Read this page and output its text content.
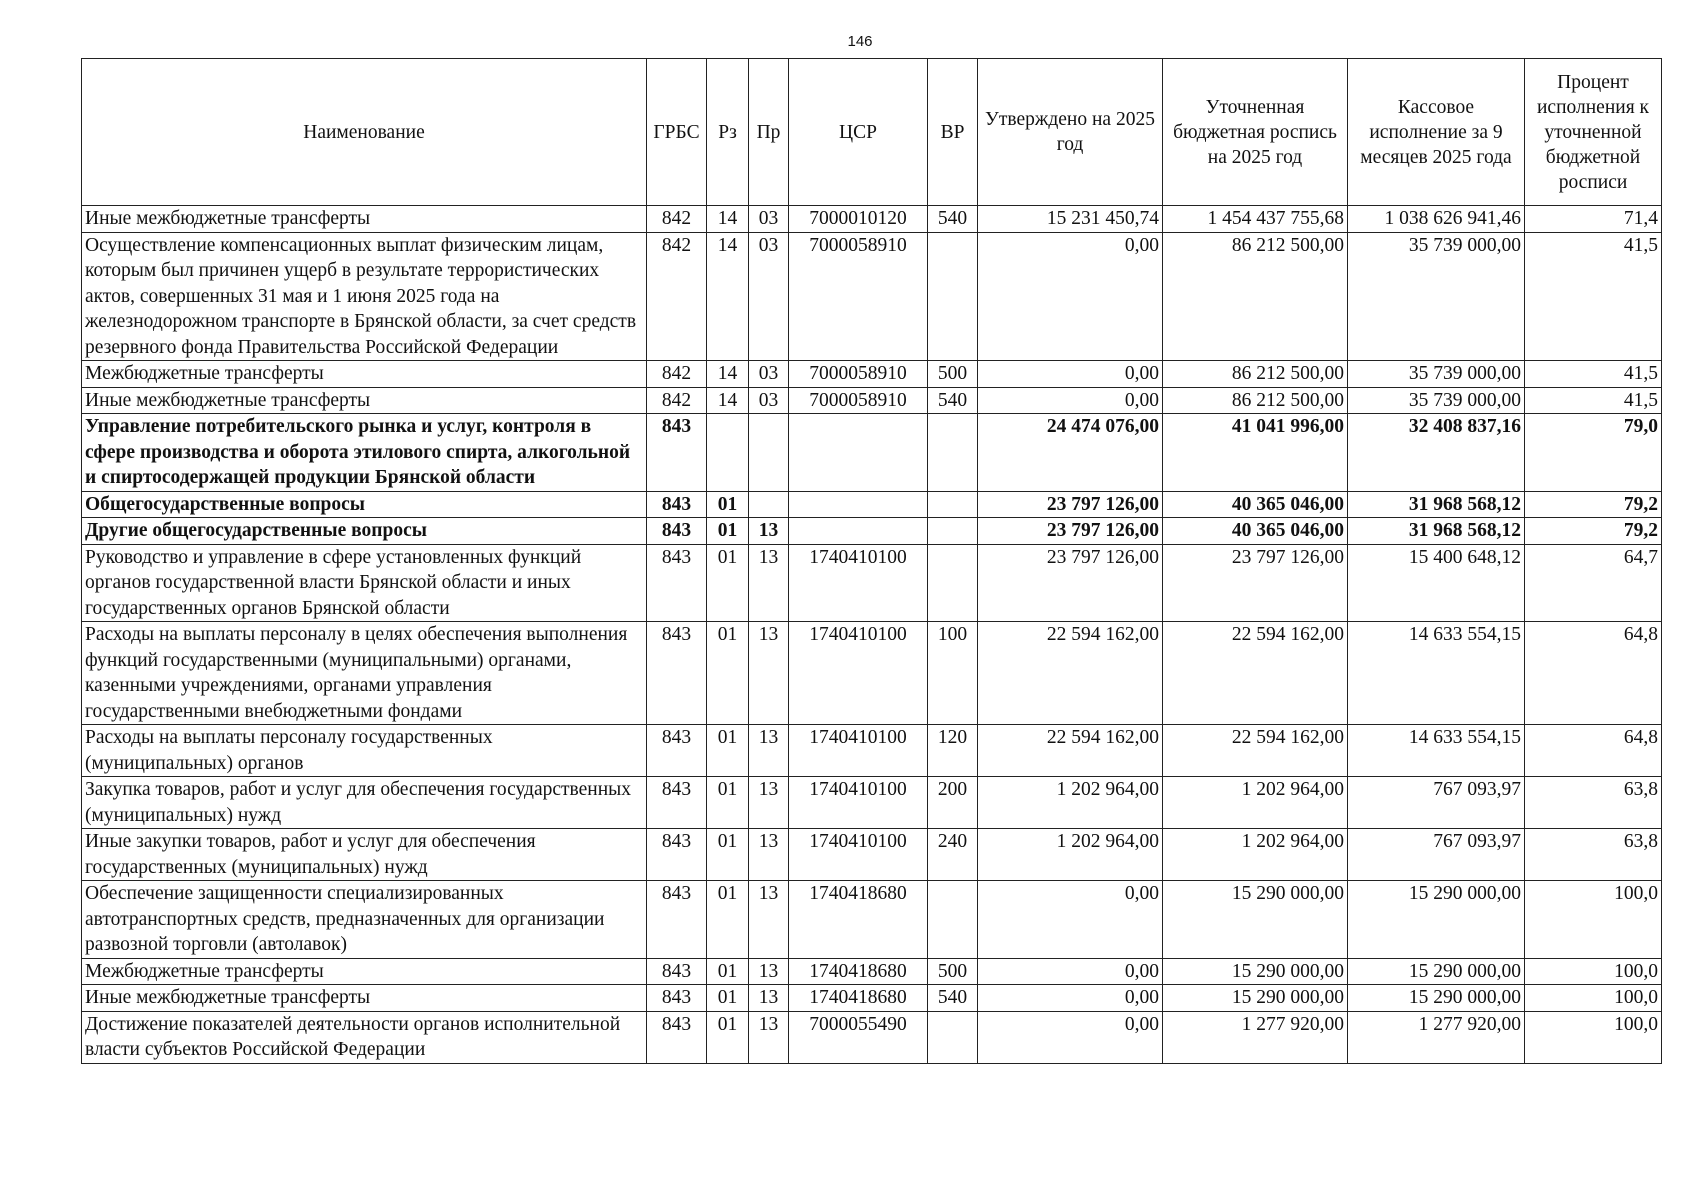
146
Наименование	ГРБС	Рз	Пр	ЦСР	ВР	Утверждено на 2025 год	Уточненная бюджетная роспись на 2025 год	Кассовое исполнение за 9 месяцев 2025 года	Процент исполнения к уточненной бюджетной росписи
Иные межбюджетные трансферты	842	14	03	7000010120	540	15 231 450,74	1 454 437 755,68	1 038 626 941,46	71,4
Осуществление компенсационных выплат физическим лицам, которым был причинен ущерб в результате террористических актов, совершенных 31 мая и 1 июня 2025 года на железнодорожном транспорте в Брянской области, за счет средств резервного фонда Правительства Российской Федерации	842	14	03	7000058910		0,00	86 212 500,00	35 739 000,00	41,5
Межбюджетные трансферты	842	14	03	7000058910	500	0,00	86 212 500,00	35 739 000,00	41,5
Иные межбюджетные трансферты	842	14	03	7000058910	540	0,00	86 212 500,00	35 739 000,00	41,5
Управление потребительского рынка и услуг, контроля в сфере производства и оборота этилового спирта, алкогольной и спиртосодержащей продукции Брянской области	843					24 474 076,00	41 041 996,00	32 408 837,16	79,0
Общегосударственные вопросы	843	01				23 797 126,00	40 365 046,00	31 968 568,12	79,2
Другие общегосударственные вопросы	843	01	13			23 797 126,00	40 365 046,00	31 968 568,12	79,2
Руководство и управление в сфере установленных функций органов государственной власти Брянской области и иных государственных органов Брянской области	843	01	13	1740410100		23 797 126,00	23 797 126,00	15 400 648,12	64,7
Расходы на выплаты персоналу в целях обеспечения выполнения функций государственными (муниципальными) органами, казенными учреждениями, органами управления государственными внебюджетными фондами	843	01	13	1740410100	100	22 594 162,00	22 594 162,00	14 633 554,15	64,8
Расходы на выплаты персоналу государственных (муниципальных) органов	843	01	13	1740410100	120	22 594 162,00	22 594 162,00	14 633 554,15	64,8
Закупка товаров, работ и услуг для обеспечения государственных (муниципальных) нужд	843	01	13	1740410100	200	1 202 964,00	1 202 964,00	767 093,97	63,8
Иные закупки товаров, работ и услуг для обеспечения государственных (муниципальных) нужд	843	01	13	1740410100	240	1 202 964,00	1 202 964,00	767 093,97	63,8
Обеспечение защищенности специализированных автотранспортных средств, предназначенных для организации развозной торговли (автолавок)	843	01	13	1740418680		0,00	15 290 000,00	15 290 000,00	100,0
Межбюджетные трансферты	843	01	13	1740418680	500	0,00	15 290 000,00	15 290 000,00	100,0
Иные межбюджетные трансферты	843	01	13	1740418680	540	0,00	15 290 000,00	15 290 000,00	100,0
Достижение показателей деятельности органов исполнительной власти субъектов Российской Федерации	843	01	13	7000055490		0,00	1 277 920,00	1 277 920,00	100,0
